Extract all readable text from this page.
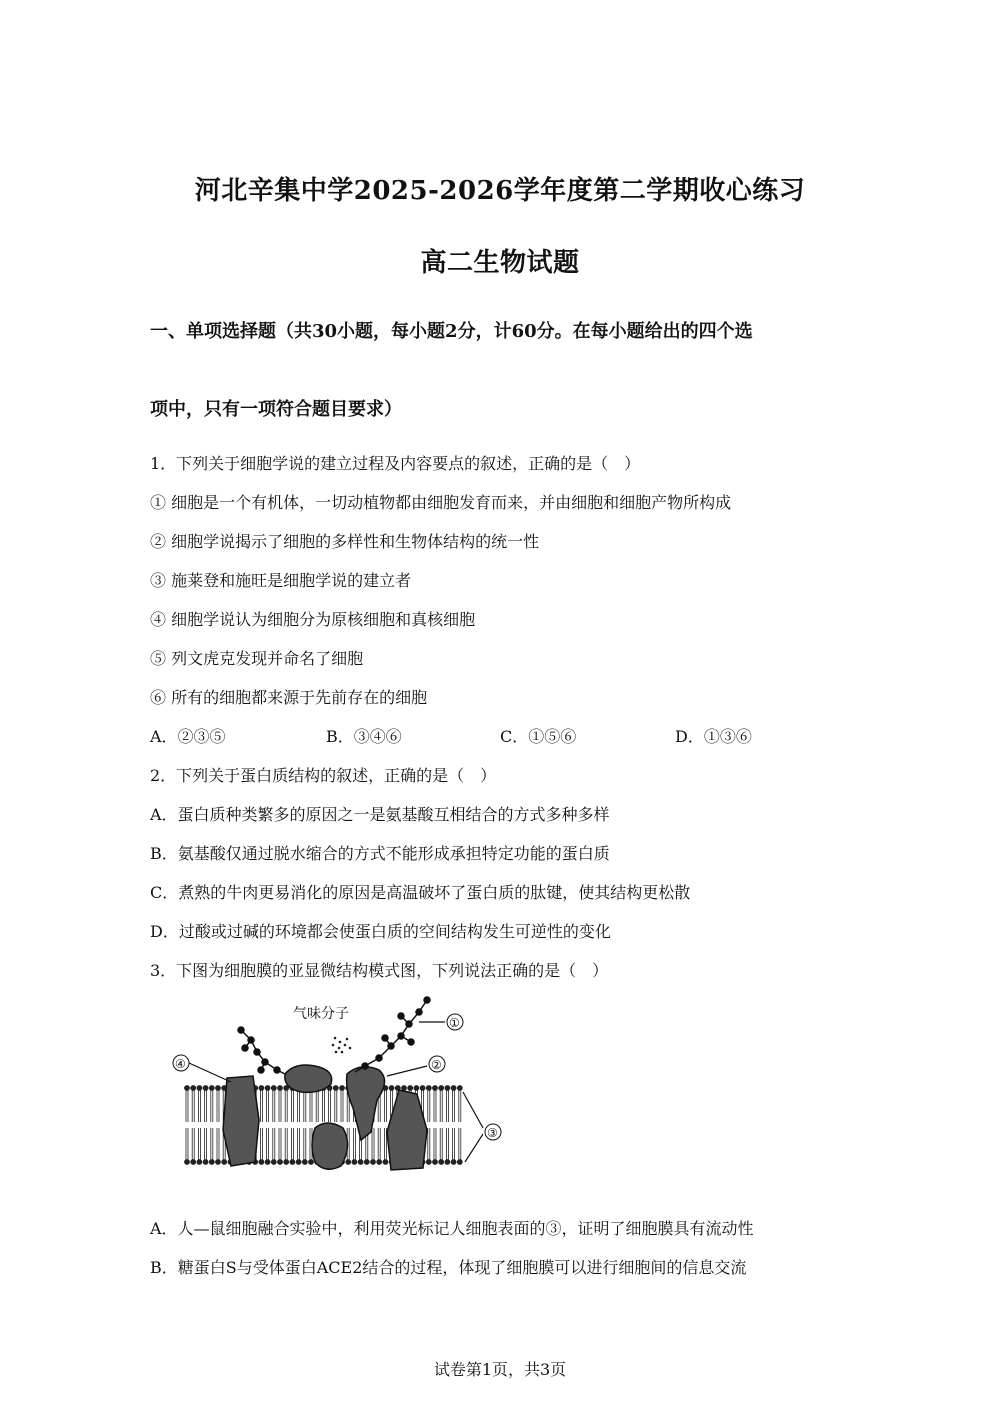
河北辛集中学2025-2026学年度第二学期收心练习
高二生物试题
一、单项选择题（共30小题，每小题2分，计60分。在每小题给出的四个选
项中，只有一项符合题目要求）
1．下列关于细胞学说的建立过程及内容要点的叙述，正确的是（　）
① 细胞是一个有机体，一切动植物都由细胞发育而来，并由细胞和细胞产物所构成
② 细胞学说揭示了细胞的多样性和生物体结构的统一性
③ 施莱登和施旺是细胞学说的建立者
④ 细胞学说认为细胞分为原核细胞和真核细胞
⑤ 列文虎克发现并命名了细胞
⑥ 所有的细胞都来源于先前存在的细胞
A．②③⑤	B．③④⑥	C．①⑤⑥	D．①③⑥
2．下列关于蛋白质结构的叙述，正确的是（　）
A．蛋白质种类繁多的原因之一是氨基酸互相结合的方式多种多样
B．氨基酸仅通过脱水缩合的方式不能形成承担特定功能的蛋白质
C．煮熟的牛肉更易消化的原因是高温破坏了蛋白质的肽键，使其结构更松散
D．过酸或过碱的环境都会使蛋白质的空间结构发生可逆性的变化
3．下图为细胞膜的亚显微结构模式图，下列说法正确的是（　）
气味分子
①
②
④
③
A．人—鼠细胞融合实验中，利用荧光标记人细胞表面的③，证明了细胞膜具有流动性
B．糖蛋白S与受体蛋白ACE2结合的过程，体现了细胞膜可以进行细胞间的信息交流
试卷第1页，共3页
